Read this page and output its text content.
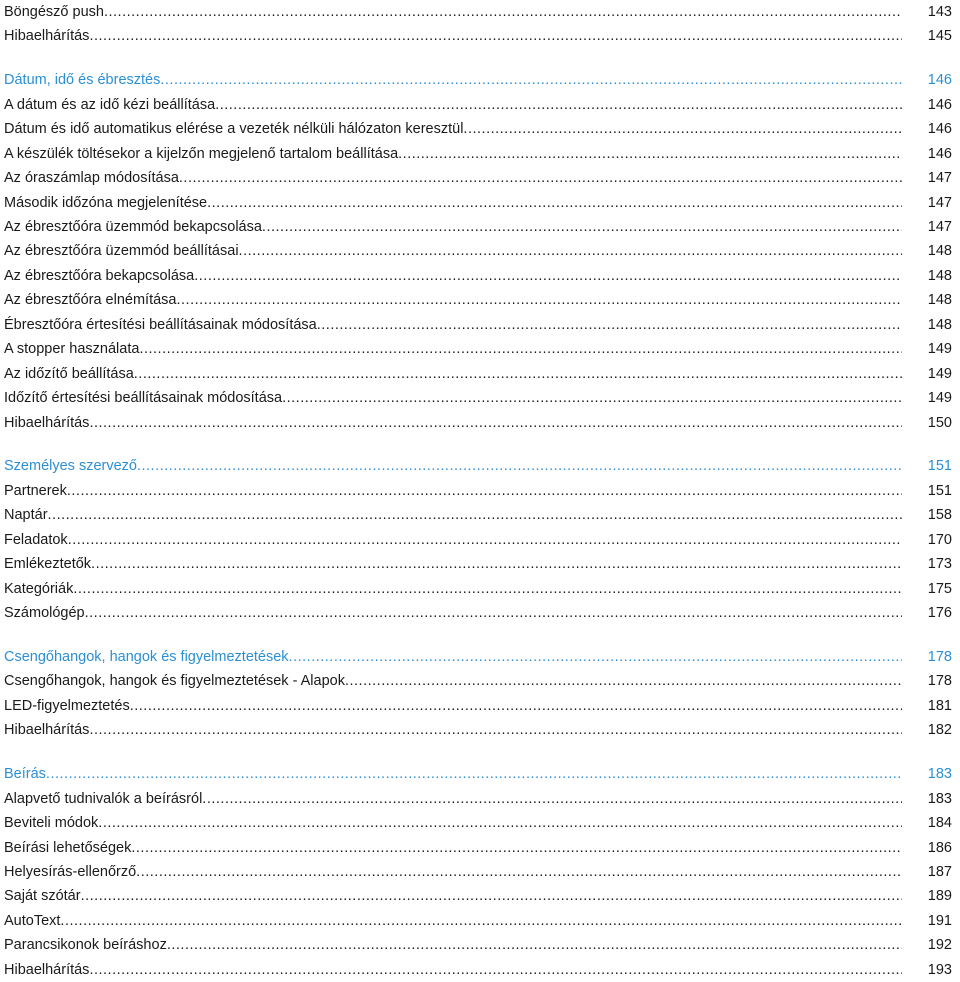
Böngésző push .....	143
Hibaelhárítás .....	145
Dátum, idő és ébresztés .....	146
A dátum és az idő kézi beállítása .....	146
Dátum és idő automatikus elérése a vezeték nélküli hálózaton keresztül .....	146
A készülék töltésekor a kijelzőn megjelenő tartalom beállítása .....	146
Az óraszámlap módosítása .....	147
Második időzóna megjelenítése .....	147
Az ébresztőóra üzemmód bekapcsolása .....	147
Az ébresztőóra üzemmód beállításai .....	148
Az ébresztőóra bekapcsolása .....	148
Az ébresztőóra elnémítása .....	148
Ébresztőóra értesítési beállításainak módosítása .....	148
A stopper használata .....	149
Az időzítő beállítása .....	149
Időzítő értesítési beállításainak módosítása .....	149
Hibaelhárítás .....	150
Személyes szervező .....	151
Partnerek .....	151
Naptár .....	158
Feladatok .....	170
Emlékeztetők .....	173
Kategóriák .....	175
Számológép .....	176
Csengőhangok, hangok és figyelmeztetések .....	178
Csengőhangok, hangok és figyelmeztetések - Alapok .....	178
LED-figyelmeztetés .....	181
Hibaelhárítás .....	182
Beírás .....	183
Alapvető tudnivalók a beírásról .....	183
Beviteli módok .....	184
Beírási lehetőségek .....	186
Helyesírás-ellenőrző .....	187
Saját szótár .....	189
AutoText .....	191
Parancsikonok beíráshoz .....	192
Hibaelhárítás .....	193
